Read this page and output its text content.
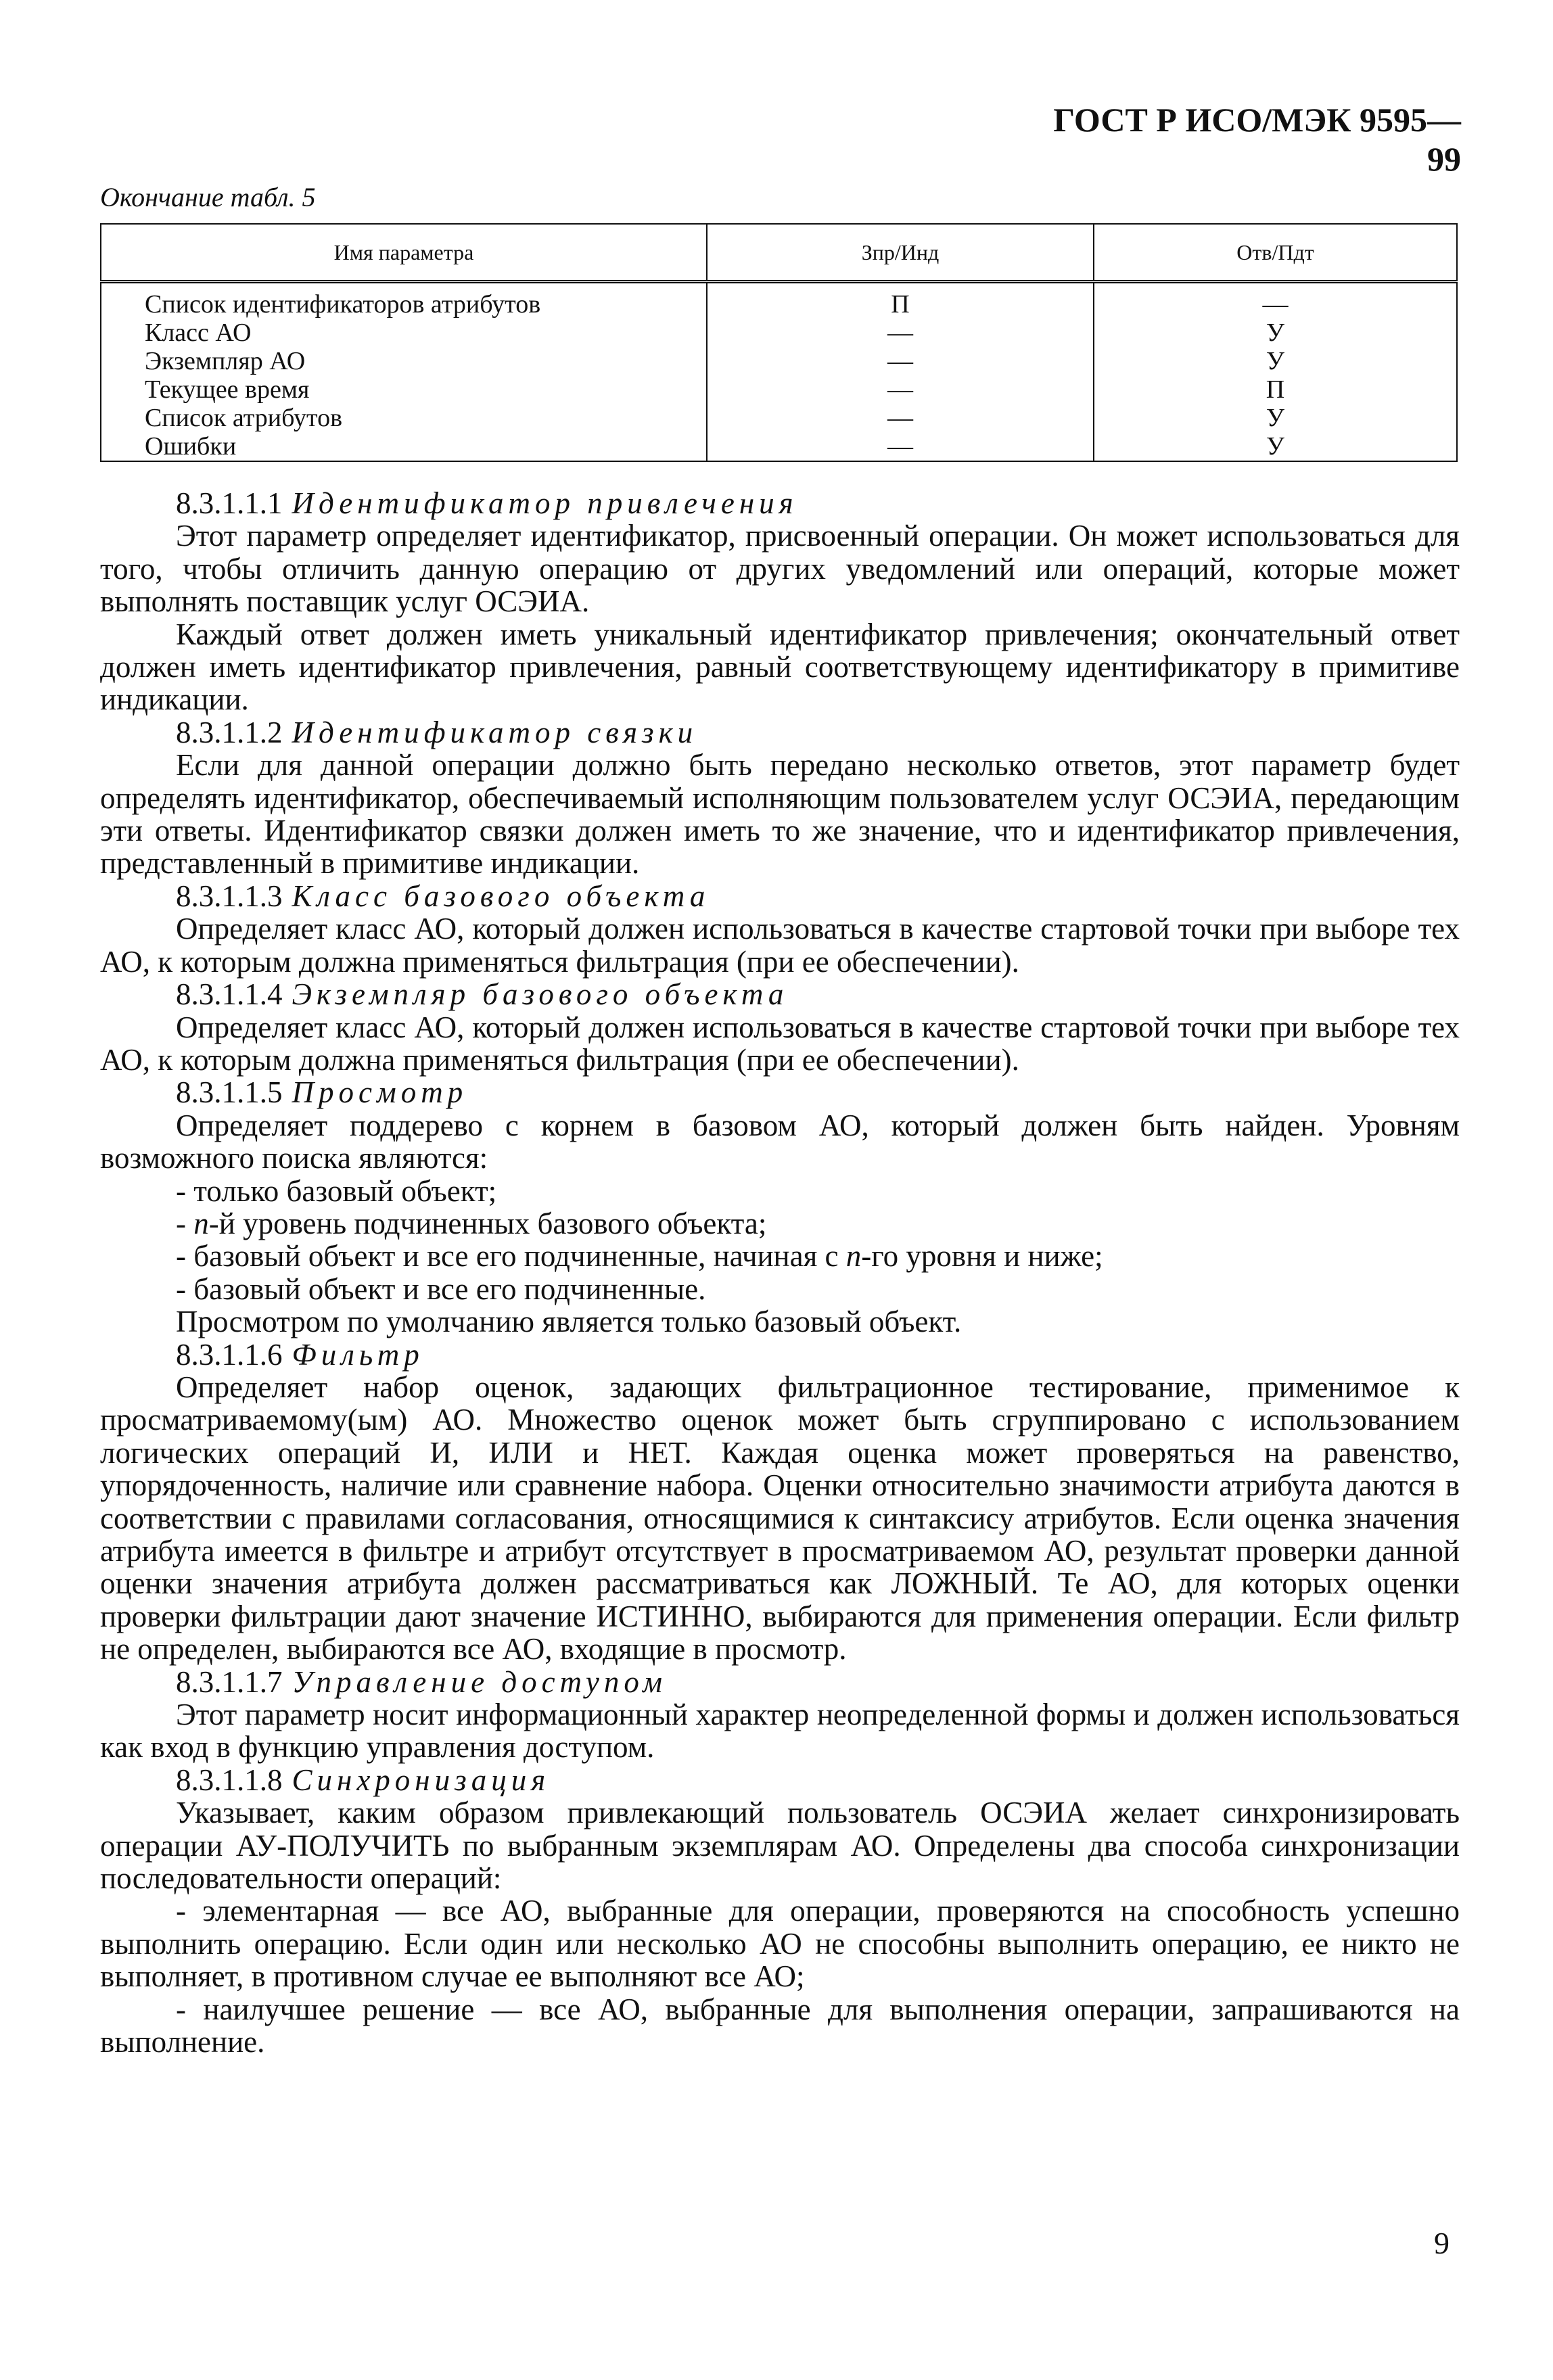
ГОСТ Р ИСО/МЭК 9595—99
Окончание табл. 5
Имя параметра	Зпр/Инд	Отв/Пдт
Список идентификаторов атрибутов	П	—
Класс АО	—	У
Экземпляр АО	—	У
Текущее время	—	П
Список атрибутов	—	У
Ошибки	—	У

8.3.1.1.1 Идентификатор привлечения

Этот параметр определяет идентификатор, присвоенный операции. Он может использоваться для того, чтобы отличить данную операцию от других уведомлений или операций, которые может выполнять поставщик услуг ОСЭИА.

Каждый ответ должен иметь уникальный идентификатор привлечения; окончательный ответ должен иметь идентификатор привлечения, равный соответствующему идентификатору в примитиве индикации.

8.3.1.1.2 Идентификатор связки

Если для данной операции должно быть передано несколько ответов, этот параметр будет определять идентификатор, обеспечиваемый исполняющим пользователем услуг ОСЭИА, передающим эти ответы. Идентификатор связки должен иметь то же значение, что и идентификатор привлечения, представленный в примитиве индикации.

8.3.1.1.3 Класс базового объекта

Определяет класс АО, который должен использоваться в качестве стартовой точки при выборе тех АО, к которым должна применяться фильтрация (при ее обеспечении).

8.3.1.1.4 Экземпляр базового объекта

Определяет класс АО, который должен использоваться в качестве стартовой точки при выборе тех АО, к которым должна применяться фильтрация (при ее обеспечении).

8.3.1.1.5 Просмотр

Определяет поддерево с корнем в базовом АО, который должен быть найден. Уровням возможного поиска являются:

- только базовый объект;

- n-й уровень подчиненных базового объекта;

- базовый объект и все его подчиненные, начиная с n-го уровня и ниже;

- базовый объект и все его подчиненные.

Просмотром по умолчанию является только базовый объект.

8.3.1.1.6 Фильтр

Определяет набор оценок, задающих фильтрационное тестирование, применимое к просматриваемому(ым) АО. Множество оценок может быть сгруппировано с использованием логических операций И, ИЛИ и НЕТ. Каждая оценка может проверяться на равенство, упорядоченность, наличие или сравнение набора. Оценки относительно значимости атрибута даются в соответствии с правилами согласования, относящимися к синтаксису атрибутов. Если оценка значения атрибута имеется в фильтре и атрибут отсутствует в просматриваемом АО, результат проверки данной оценки значения атрибута должен рассматриваться как ЛОЖНЫЙ. Те АО, для которых оценки проверки фильтрации дают значение ИСТИННО, выбираются для применения операции. Если фильтр не определен, выбираются все АО, входящие в просмотр.

8.3.1.1.7 Управление доступом

Этот параметр носит информационный характер неопределенной формы и должен использоваться как вход в функцию управления доступом.

8.3.1.1.8 Синхронизация

Указывает, каким образом привлекающий пользователь ОСЭИА желает синхронизировать операции АУ-ПОЛУЧИТЬ по выбранным экземплярам АО. Определены два способа синхронизации последовательности операций:

- элементарная — все АО, выбранные для операции, проверяются на способность успешно выполнить операцию. Если один или несколько АО не способны выполнить операцию, ее никто не выполняет, в противном случае ее выполняют все АО;

- наилучшее решение — все АО, выбранные для выполнения операции, запрашиваются на выполнение.

9
